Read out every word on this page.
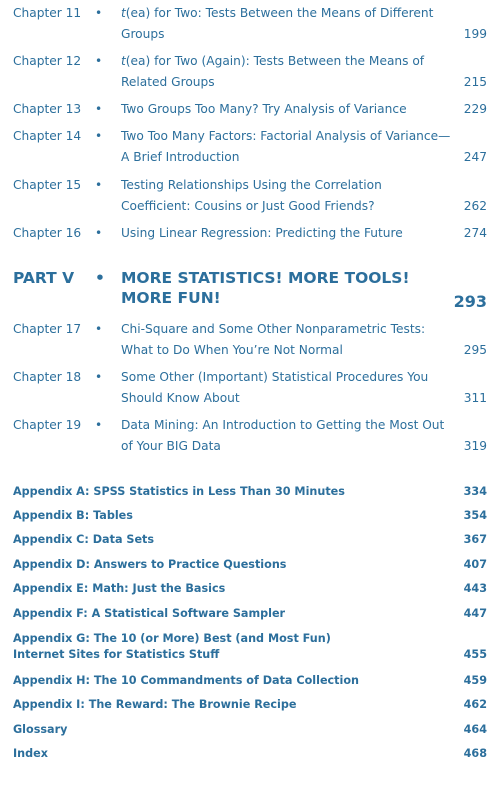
Chapter 11 • t(ea) for Two: Tests Between the Means of Different Groups	199
Chapter 12 • t(ea) for Two (Again): Tests Between the Means of Related Groups	215
Chapter 13 • Two Groups Too Many? Try Analysis of Variance	229
Chapter 14 • Two Too Many Factors: Factorial Analysis of Variance—A Brief Introduction	247
Chapter 15 • Testing Relationships Using the Correlation Coefficient: Cousins or Just Good Friends?	262
Chapter 16 • Using Linear Regression: Predicting the Future	274
PART V • MORE STATISTICS! MORE TOOLS! MORE FUN!	293
Chapter 17 • Chi-Square and Some Other Nonparametric Tests: What to Do When You’re Not Normal	295
Chapter 18 • Some Other (Important) Statistical Procedures You Should Know About	311
Chapter 19 • Data Mining: An Introduction to Getting the Most Out of Your BIG Data	319
Appendix A: SPSS Statistics in Less Than 30 Minutes	334
Appendix B: Tables	354
Appendix C: Data Sets	367
Appendix D: Answers to Practice Questions	407
Appendix E: Math: Just the Basics	443
Appendix F: A Statistical Software Sampler	447
Appendix G: The 10 (or More) Best (and Most Fun) Internet Sites for Statistics Stuff	455
Appendix H: The 10 Commandments of Data Collection	459
Appendix I: The Reward: The Brownie Recipe	462
Glossary	464
Index	468
